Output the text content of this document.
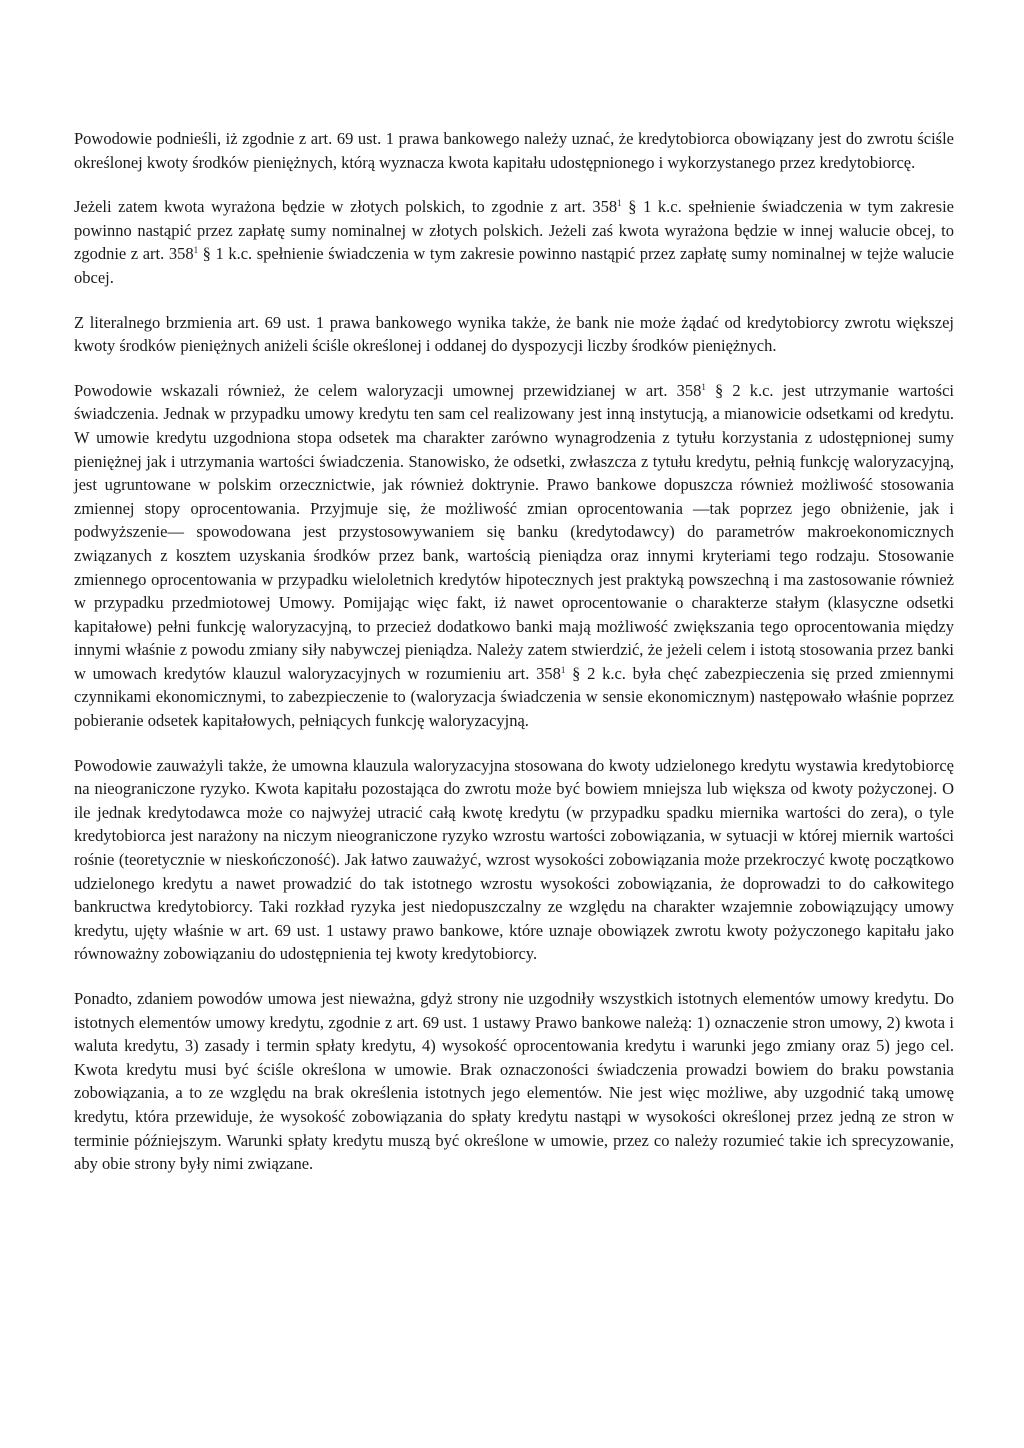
Powodowie podnieśli, iż zgodnie z art. 69 ust. 1 prawa bankowego należy uznać, że kredytobiorca obowiązany jest do zwrotu ściśle określonej kwoty środków pieniężnych, którą wyznacza kwota kapitału udostępnionego i wykorzystanego przez kredytobiorcę.

Jeżeli zatem kwota wyrażona będzie w złotych polskich, to zgodnie z art. $358^1$ § 1 k.c. spełnienie świadczenia w tym zakresie powinno nastąpić przez zapłatę sumy nominalnej w złotych polskich. Jeżeli zaś kwota wyrażona będzie w innej walucie obcej, to zgodnie z art. $358^1$ § 1 k.c. spełnienie świadczenia w tym zakresie powinno nastąpić przez zapłatę sumy nominalnej w tejże walucie obcej.

Z literalnego brzmienia art. 69 ust. 1 prawa bankowego wynika także, że bank nie może żądać od kredytobiorcy zwrotu większej kwoty środków pieniężnych aniżeli ściśle określonej i oddanej do dyspozycji liczby środków pieniężnych.

Powodowie wskazali również, że celem waloryzacji umownej przewidzianej w art. $358^1$ § 2 k.c. jest utrzymanie wartości świadczenia. Jednak w przypadku umowy kredytu ten sam cel realizowany jest inną instytucją, a mianowicie odsetkami od kredytu. W umowie kredytu uzgodniona stopa odsetek ma charakter zarówno wynagrodzenia z tytułu korzystania z udostępnionej sumy pieniężnej jak i utrzymania wartości świadczenia. Stanowisko, że odsetki, zwłaszcza z tytułu kredytu, pełnią funkcję waloryzacyjną, jest ugruntowane w polskim orzecznictwie, jak również doktrynie. Prawo bankowe dopuszcza również możliwość stosowania zmiennej stopy oprocentowania. Przyjmuje się, że możliwość zmian oprocentowania —tak poprzez jego obniżenie, jak i podwyższenie— spowodowana jest przystosowywaniem się banku (kredytodawcy) do parametrów makroekonomicznych związanych z kosztem uzyskania środków przez bank, wartością pieniądza oraz innymi kryteriami tego rodzaju. Stosowanie zmiennego oprocentowania w przypadku wieloletnich kredytów hipotecznych jest praktyką powszechną i ma zastosowanie również w przypadku przedmiotowej Umowy. Pomijając więc fakt, iż nawet oprocentowanie o charakterze stałym (klasyczne odsetki kapitałowe) pełni funkcję waloryzacyjną, to przecież dodatkowo banki mają możliwość zwiększania tego oprocentowania między innymi właśnie z powodu zmiany siły nabywczej pieniądza. Należy zatem stwierdzić, że jeżeli celem i istotą stosowania przez banki w umowach kredytów klauzul waloryzacyjnych w rozumieniu art. $358^1$ § 2 k.c. była chęć zabezpieczenia się przed zmiennymi czynnikami ekonomicznymi, to zabezpieczenie to (waloryzacja świadczenia w sensie ekonomicznym) następowało właśnie poprzez pobieranie odsetek kapitałowych, pełniących funkcję waloryzacyjną.

Powodowie zauważyli także, że umowna klauzula waloryzacyjna stosowana do kwoty udzielonego kredytu wystawia kredytobiorcę na nieograniczone ryzyko. Kwota kapitału pozostająca do zwrotu może być bowiem mniejsza lub większa od kwoty pożyczonej. O ile jednak kredytodawca może co najwyżej utracić całą kwotę kredytu (w przypadku spadku miernika wartości do zera), o tyle kredytobiorca jest narażony na niczym nieograniczone ryzyko wzrostu wartości zobowiązania, w sytuacji w której miernik wartości rośnie (teoretycznie w nieskończoność). Jak łatwo zauważyć, wzrost wysokości zobowiązania może przekroczyć kwotę początkowo udzielonego kredytu a nawet prowadzić do tak istotnego wzrostu wysokości zobowiązania, że doprowadzi to do całkowitego bankructwa kredytobiorcy. Taki rozkład ryzyka jest niedopuszczalny ze względu na charakter wzajemnie zobowiązujący umowy kredytu, ujęty właśnie w art. 69 ust. 1 ustawy prawo bankowe, które uznaje obowiązek zwrotu kwoty pożyczonego kapitału jako równoważny zobowiązaniu do udostępnienia tej kwoty kredytobiorcy.

Ponadto, zdaniem powodów umowa jest nieważna, gdyż strony nie uzgodniły wszystkich istotnych elementów umowy kredytu. Do istotnych elementów umowy kredytu, zgodnie z art. 69 ust. 1 ustawy Prawo bankowe należą: 1) oznaczenie stron umowy, 2) kwota i waluta kredytu, 3) zasady i termin spłaty kredytu, 4) wysokość oprocentowania kredytu i warunki jego zmiany oraz 5) jego cel. Kwota kredytu musi być ściśle określona w umowie. Brak oznaczoności świadczenia prowadzi bowiem do braku powstania zobowiązania, a to ze względu na brak określenia istotnych jego elementów. Nie jest więc możliwe, aby uzgodnić taką umowę kredytu, która przewiduje, że wysokość zobowiązania do spłaty kredytu nastąpi w wysokości określonej przez jedną ze stron w terminie późniejszym. Warunki spłaty kredytu muszą być określone w umowie, przez co należy rozumieć takie ich sprecyzowanie, aby obie strony były nimi związane.
